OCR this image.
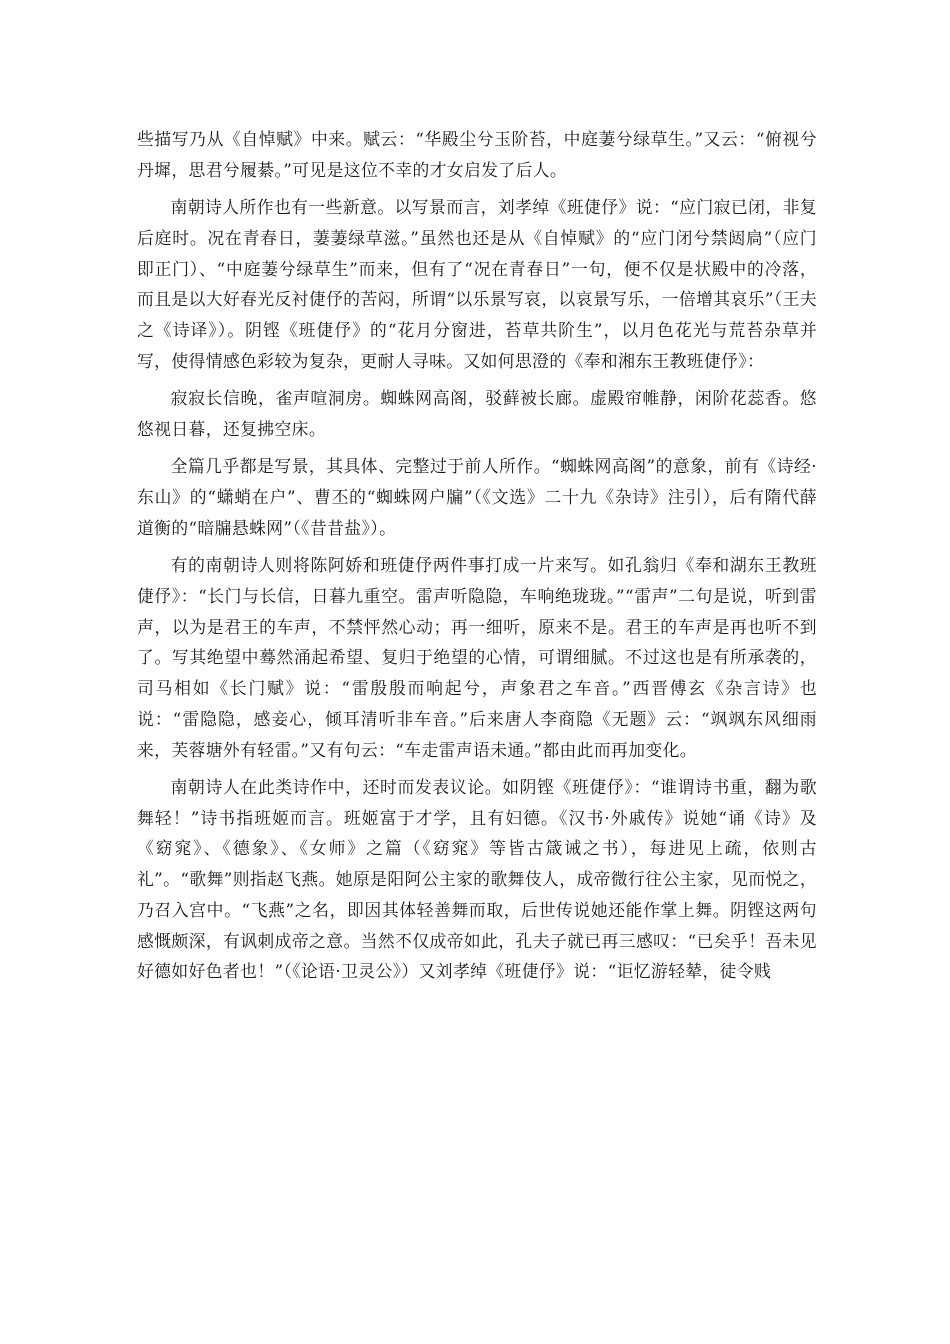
些描写乃从《自悼赋》中来。赋云：“华殿尘兮玉阶苔，中庭萋兮绿草生。”又云：“俯视兮丹墀，思君兮履綦。”可见是这位不幸的才女启发了后人。

南朝诗人所作也有一些新意。以写景而言，刘孝绰《班倢伃》说：“应门寂已闭，非复后庭时。况在青春日，萋萋绿草滋。”虽然也还是从《自悼赋》的“应门闭兮禁闼扃”（应门即正门）、“中庭萋兮绿草生”而来，但有了“况在青春日”一句，便不仅是状殿中的冷落，而且是以大好春光反衬倢伃的苦闷，所谓“以乐景写哀，以哀景写乐，一倍增其哀乐”（王夫之《诗译》）。阴铿《班倢伃》的“花月分窗进，苔草共阶生”，以月色花光与荒苔杂草并写，使得情感色彩较为复杂，更耐人寻味。又如何思澄的《奉和湘东王教班倢伃》：

寂寂长信晚，雀声喧洞房。蜘蛛网高阁，驳藓被长廊。虚殿帘帷静，闲阶花蕊香。悠悠视日暮，还复拂空床。

全篇几乎都是写景，其具体、完整过于前人所作。“蜘蛛网高阁”的意象，前有《诗经·东山》的“蟏蛸在户”、曹丕的“蜘蛛网户牖”（《文选》二十九《杂诗》注引），后有隋代薛道衡的“暗牖悬蛛网”（《昔昔盐》）。

有的南朝诗人则将陈阿娇和班倢伃两件事打成一片来写。如孔翁归《奉和湖东王教班倢伃》：“长门与长信，日暮九重空。雷声听隐隐，车响绝珑珑。”“雷声”二句是说，听到雷声，以为是君王的车声，不禁怦然心动；再一细听，原来不是。君王的车声是再也听不到了。写其绝望中蓦然涌起希望、复归于绝望的心情，可谓细腻。不过这也是有所承袭的，司马相如《长门赋》说：“雷殷殷而响起兮，声象君之车音。”西晋傅玄《杂言诗》也说：“雷隐隐，感妾心，倾耳清听非车音。”后来唐人李商隐《无题》云：“飒飒东风细雨来，芙蓉塘外有轻雷。”又有句云：“车走雷声语未通。”都由此而再加变化。

南朝诗人在此类诗作中，还时而发表议论。如阴铿《班倢伃》：“谁谓诗书重，翻为歌舞轻！”诗书指班姬而言。班姬富于才学，且有妇德。《汉书·外戚传》说她“诵《诗》及《窈窕》、《德象》、《女师》之篇（《窈窕》等皆古箴诫之书），每进见上疏，依则古礼”。“歌舞”则指赵飞燕。她原是阳阿公主家的歌舞伎人，成帝微行往公主家，见而悦之，乃召入宫中。“飞燕”之名，即因其体轻善舞而取，后世传说她还能作掌上舞。阴铿这两句感慨颇深，有讽刺成帝之意。当然不仅成帝如此，孔夫子就已再三感叹：“已矣乎！吾未见好德如好色者也！”（《论语·卫灵公》）又刘孝绰《班倢伃》说：“讵忆游轻辇，徒令贱
